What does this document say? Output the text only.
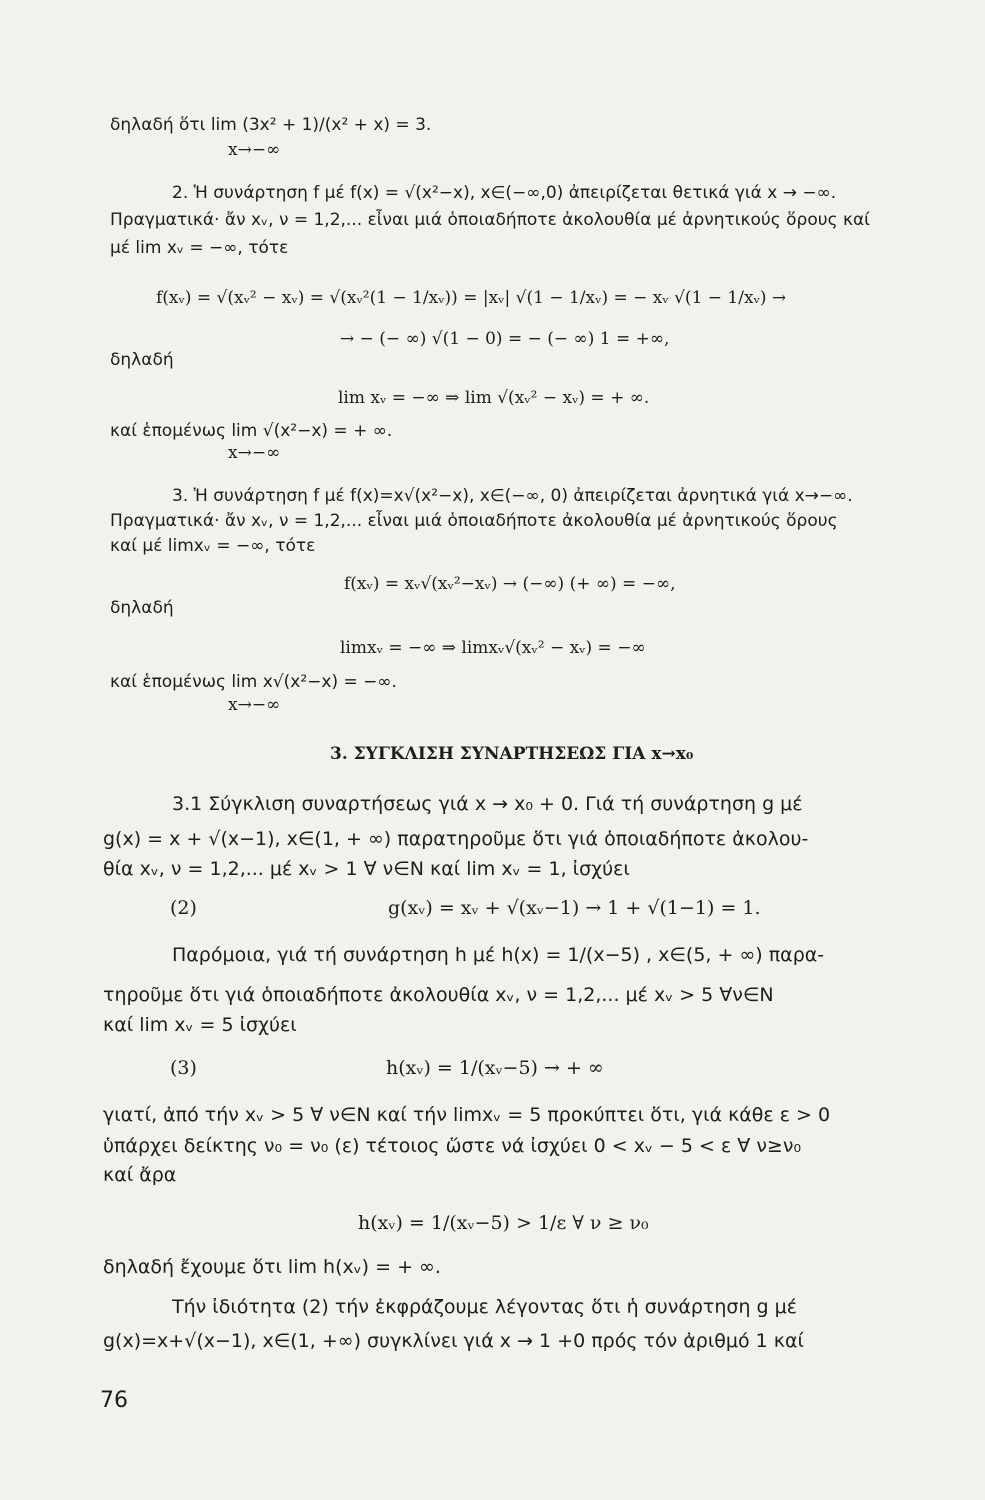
δηλαδή ὅτι lim (3x² + 1)/(x² + x) = 3.
x→−∞
2. Ἡ συνάρτηση f μέ f(x) = √(x²−x), x∈(−∞,0) ἀπειρίζεται θετικά γιά x → −∞.
Πραγματικά· ἄν xᵥ, ν = 1,2,... εἶναι μιά ὁποιαδήποτε ἀκολουθία μέ ἀρνητικούς ὅρους καί
μέ lim xᵥ = −∞, τότε
f(xᵥ) = √(xᵥ² − xᵥ) = √(xᵥ²(1 − 1/xᵥ)) = |xᵥ| √(1 − 1/xᵥ) = − xᵥ √(1 − 1/xᵥ) →
→ − (− ∞) √(1 − 0) = − (− ∞) 1 = +∞,
δηλαδή
lim xᵥ = −∞ ⇒ lim √(xᵥ² − xᵥ) = + ∞.
καί ἑπομένως lim √(x²−x) = + ∞.
x→−∞
3. Ἡ συνάρτηση f μέ f(x)=x√(x²−x), x∈(−∞, 0) ἀπειρίζεται ἀρνητικά γιά x→−∞.
Πραγματικά· ἄν xᵥ, ν = 1,2,... εἶναι μιά ὁποιαδήποτε ἀκολουθία μέ ἀρνητικούς ὅρους
καί μέ limxᵥ = −∞, τότε
f(xᵥ) = xᵥ√(xᵥ²−xᵥ) → (−∞) (+ ∞) = −∞,
δηλαδή
limxᵥ = −∞ ⇒ limxᵥ√(xᵥ² − xᵥ) = −∞
καί ἑπομένως lim x√(x²−x) = −∞.
x→−∞
3. ΣΥΓΚΛΙΣΗ ΣΥΝΑΡΤΗΣΕΩΣ ΓΙΑ x→x₀
3.1 Σύγκλιση συναρτήσεως γιά x → x₀ + 0. Γιά τή συνάρτηση g μέ
g(x) = x + √(x−1), x∈(1, + ∞) παρατηροῦμε ὅτι γιά ὁποιαδήποτε ἀκολου-
θία xᵥ, ν = 1,2,... μέ xᵥ > 1 ∀ ν∈N καί lim xᵥ = 1, ἰσχύει
(2)	g(xᵥ) = xᵥ + √(xᵥ−1) → 1 + √(1−1) = 1.
Παρόμοια, γιά τή συνάρτηση h μέ h(x) = 1/(x−5) , x∈(5, + ∞) παρα-
τηροῦμε ὅτι γιά ὁποιαδήποτε ἀκολουθία xᵥ, ν = 1,2,... μέ xᵥ > 5 ∀ν∈N
καί lim xᵥ = 5 ἰσχύει
(3)	h(xᵥ) = 1/(xᵥ−5) → + ∞
γιατί, ἀπό τήν xᵥ > 5 ∀ ν∈N καί τήν limxᵥ = 5 προκύπτει ὅτι, γιά κάθε ε > 0
ὑπάρχει δείκτης ν₀ = ν₀ (ε) τέτοιος ὥστε νά ἰσχύει 0 < xᵥ − 5 < ε ∀ ν≥ν₀
καί ἄρα
h(xᵥ) = 1/(xᵥ−5) > 1/ε ∀ ν ≥ ν₀
δηλαδή ἔχουμε ὅτι lim h(xᵥ) = + ∞.
Τήν ἰδιότητα (2) τήν ἐκφράζουμε λέγοντας ὅτι ἡ συνάρτηση g μέ
g(x)=x+√(x−1), x∈(1, +∞) συγκλίνει γιά x → 1 +0 πρός τόν ἀριθμό 1 καί
76
